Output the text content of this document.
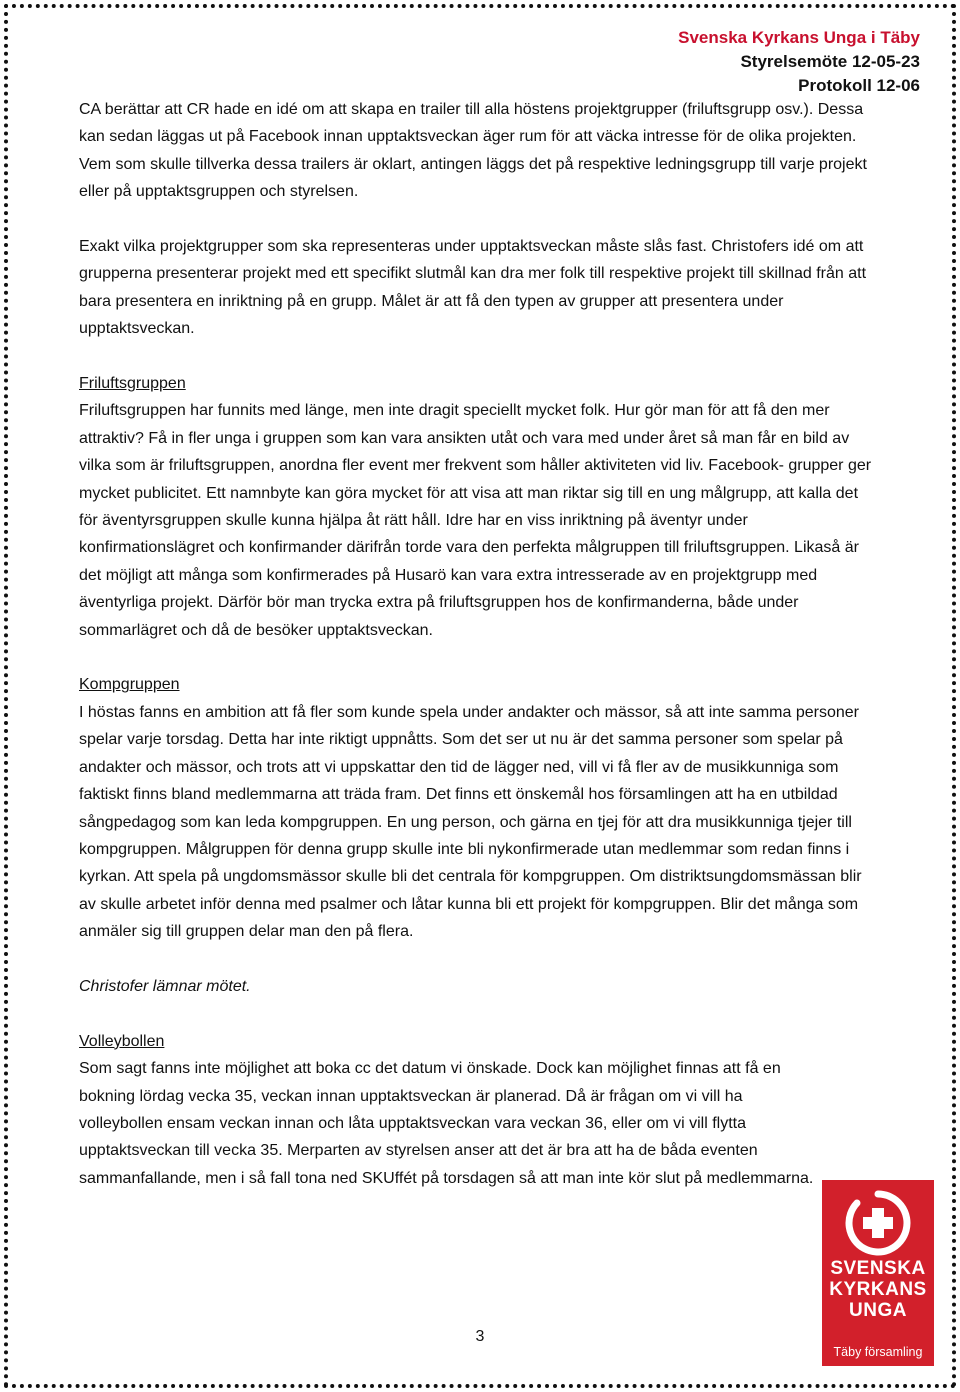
Svenska Kyrkans Unga i Täby
Styrelsemöte 12-05-23
Protokoll 12-06

CA berättar att CR hade en idé om att skapa en trailer till alla höstens projektgrupper (friluftsgrupp osv.). Dessa kan sedan läggas ut på Facebook innan upptaktsveckan äger rum för att väcka intresse för de olika projekten. Vem som skulle tillverka dessa trailers är oklart, antingen läggs det på respektive ledningsgrupp till varje projekt eller på upptaktsgruppen och styrelsen.

Exakt vilka projektgrupper som ska representeras under upptaktsveckan måste slås fast. Christofers idé om att grupperna presenterar projekt med ett specifikt slutmål kan dra mer folk till respektive projekt till skillnad från att bara presentera en inriktning på en grupp. Målet är att få den typen av grupper att presentera under upptaktsveckan.

Friluftsgruppen

Friluftsgruppen har funnits med länge, men inte dragit speciellt mycket folk. Hur gör man för att få den mer attraktiv? Få in fler unga i gruppen som kan vara ansikten utåt och vara med under året så man får en bild av vilka som är friluftsgruppen, anordna fler event mer frekvent som håller aktiviteten vid liv. Facebook- grupper ger mycket publicitet. Ett namnbyte kan göra mycket för att visa att man riktar sig till en ung målgrupp, att kalla det för äventyrsgruppen skulle kunna hjälpa åt rätt håll. Idre har en viss inriktning på äventyr under konfirmationslägret och konfirmander därifrån torde vara den perfekta målgruppen till friluftsgruppen. Likaså är det möjligt att många som konfirmerades på Husarö kan vara extra intresserade av en projektgrupp med äventyrliga projekt. Därför bör man trycka extra på friluftsgruppen hos de konfirmanderna, både under sommarlägret och då de besöker upptaktsveckan.

Kompgruppen

I höstas fanns en ambition att få fler som kunde spela under andakter och mässor, så att inte samma personer spelar varje torsdag. Detta har inte riktigt uppnåtts. Som det ser ut nu är det samma personer som spelar på andakter och mässor, och trots att vi uppskattar den tid de lägger ned, vill vi få fler av de musikkunniga som faktiskt finns bland medlemmarna att träda fram. Det finns ett önskemål hos församlingen att ha en utbildad sångpedagog som kan leda kompgruppen. En ung person, och gärna en tjej för att dra musikkunniga tjejer till kompgruppen. Målgruppen för denna grupp skulle inte bli nykonfirmerade utan medlemmar som redan finns i kyrkan. Att spela på ungdomsmässor skulle bli det centrala för kompgruppen. Om distriktsungdomsmässan blir av skulle arbetet inför denna med psalmer och låtar kunna bli ett projekt för kompgruppen. Blir det många som anmäler sig till gruppen delar man den på flera.

Christofer lämnar mötet.

Volleybollen

Som sagt fanns inte möjlighet att boka cc det datum vi önskade. Dock kan möjlighet finnas att få en bokning lördag vecka 35, veckan innan upptaktsveckan är planerad. Då är frågan om vi vill ha volleybollen ensam veckan innan och låta upptaktsveckan vara veckan 36, eller om vi vill flytta upptaktsveckan till vecka 35. Merparten av styrelsen anser att det är bra att ha de båda eventen sammanfallande, men i så fall tona ned SKUffét på torsdagen så att man inte kör slut på medlemmarna.

SVENSKA
KYRKANS
UNGA
Täby församling
3
